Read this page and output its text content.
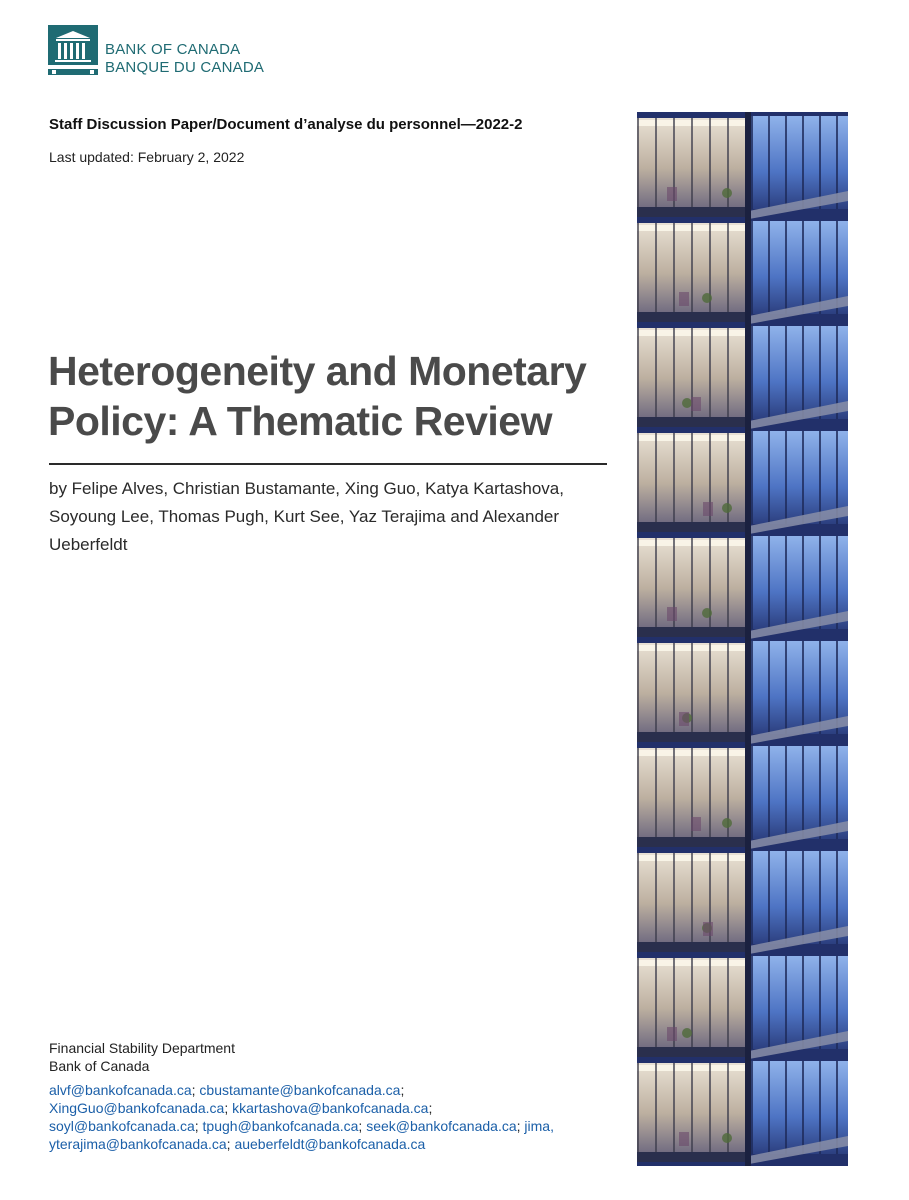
BANK OF CANADA
BANQUE DU CANADA
Staff Discussion Paper/Document d’analyse du personnel—2022-2
Last updated: February 2, 2022
Heterogeneity and Monetary
Policy: A Thematic Review
by Felipe Alves, Christian Bustamante, Xing Guo, Katya Kartashova, Soyoung Lee, Thomas Pugh, Kurt See, Yaz Terajima and Alexander Ueberfeldt
Financial Stability Department
Bank of Canada
alvf@bankofcanada.ca; cbustamante@bankofcanada.ca;
XingGuo@bankofcanada.ca; kkartashova@bankofcanada.ca;
soyl@bankofcanada.ca; tpugh@bankofcanada.ca; seek@bankofcanada.ca; jima,
yterajima@bankofcanada.ca; aueberfeldt@bankofcanada.ca
